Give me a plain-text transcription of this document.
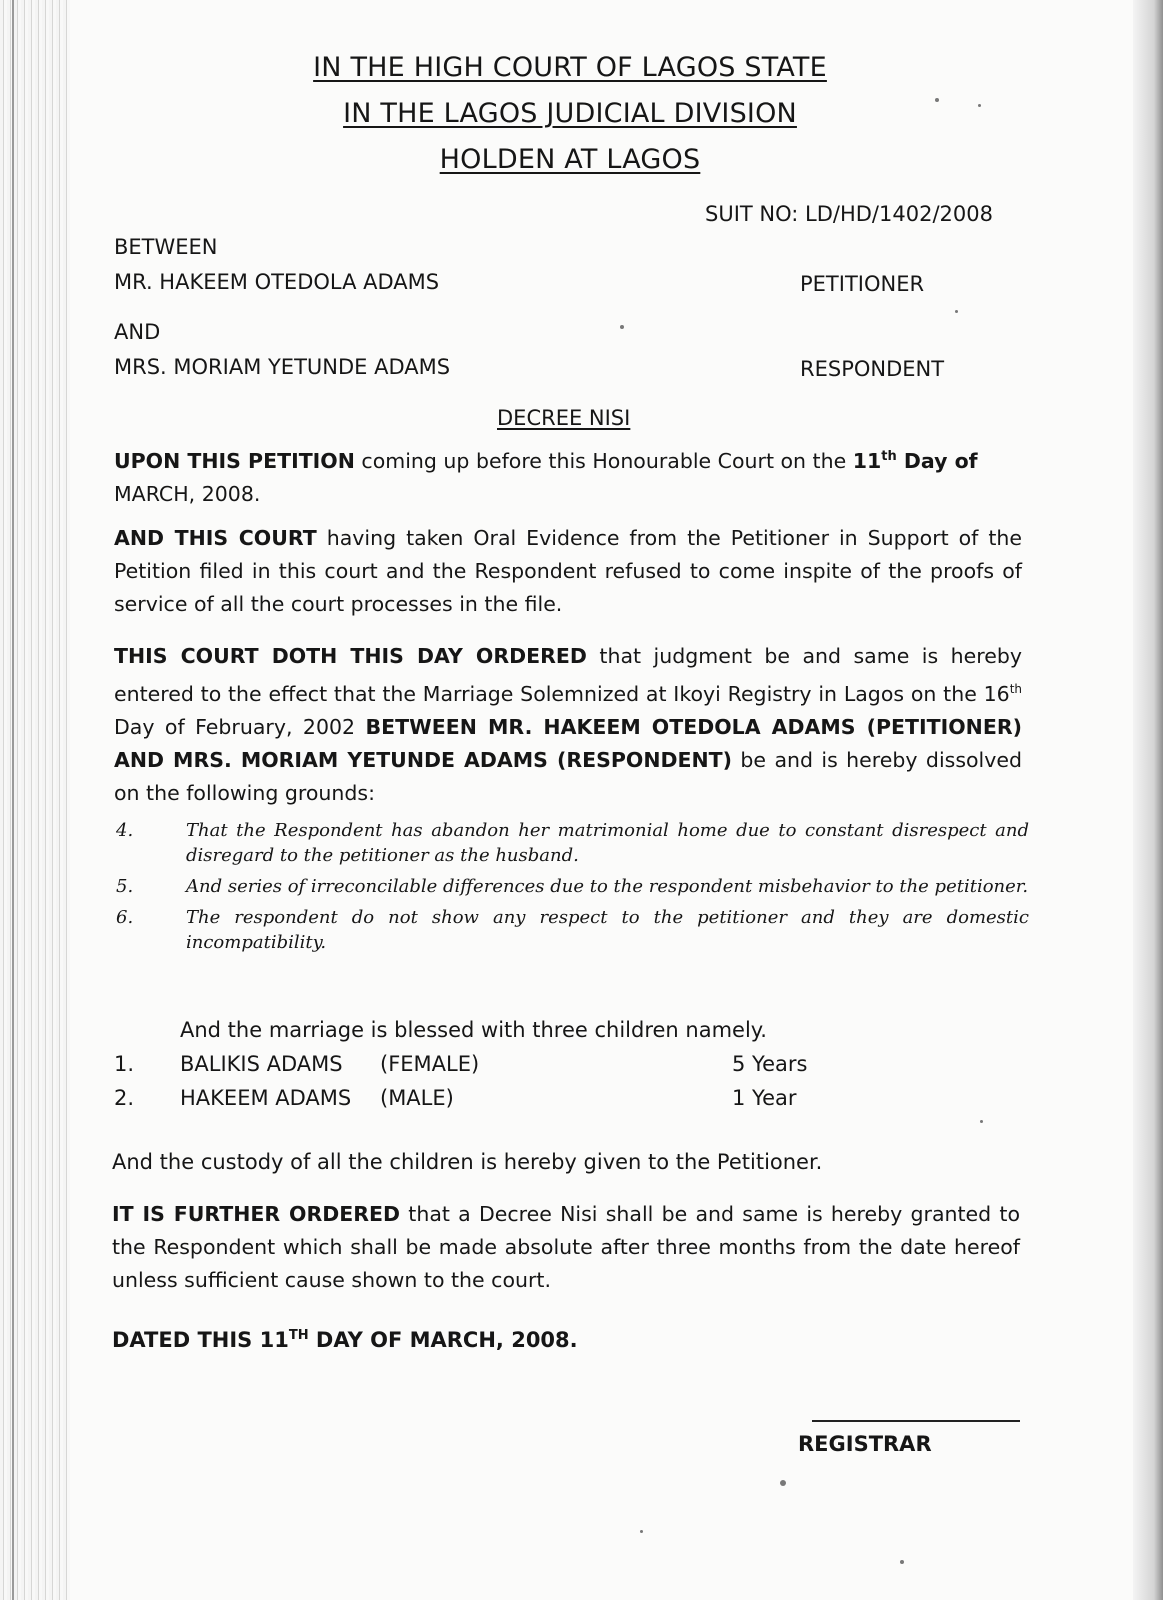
IN THE HIGH COURT OF LAGOS STATE
IN THE LAGOS JUDICIAL DIVISION
HOLDEN AT LAGOS
SUIT NO: LD/HD/1402/2008
BETWEEN
MR. HAKEEM OTEDOLA ADAMS	PETITIONER
AND
MRS. MORIAM YETUNDE ADAMS	RESPONDENT
DECREE NISI
UPON THIS PETITION coming up before this Honourable Court on the 11th Day of
MARCH, 2008.
AND THIS COURT having taken Oral Evidence from the Petitioner in Support of the Petition filed in this court and the Respondent refused to come inspite of the proofs of service of all the court processes in the file.
THIS COURT DOTH THIS DAY ORDERED that judgment be and same is hereby entered to the effect that the Marriage Solemnized at Ikoyi Registry in Lagos on the 16th Day of February, 2002 BETWEEN MR. HAKEEM OTEDOLA ADAMS (PETITIONER) AND MRS. MORIAM YETUNDE ADAMS (RESPONDENT) be and is hereby dissolved on the following grounds:
4.	That the Respondent has abandon her matrimonial home due to constant disrespect and disregard to the petitioner as the husband.
5.	And series of irreconcilable differences due to the respondent misbehavior to the petitioner.
6.	The respondent do not show any respect to the petitioner and they are domestic incompatibility.
And the marriage is blessed with three children namely.
1. BALIKIS ADAMS (FEMALE)	5 Years
2. HAKEEM ADAMS (MALE)	1 Year
And the custody of all the children is hereby given to the Petitioner.
IT IS FURTHER ORDERED that a Decree Nisi shall be and same is hereby granted to the Respondent which shall be made absolute after three months from the date hereof unless sufficient cause shown to the court.
DATED THIS 11TH DAY OF MARCH, 2008.
REGISTRAR
